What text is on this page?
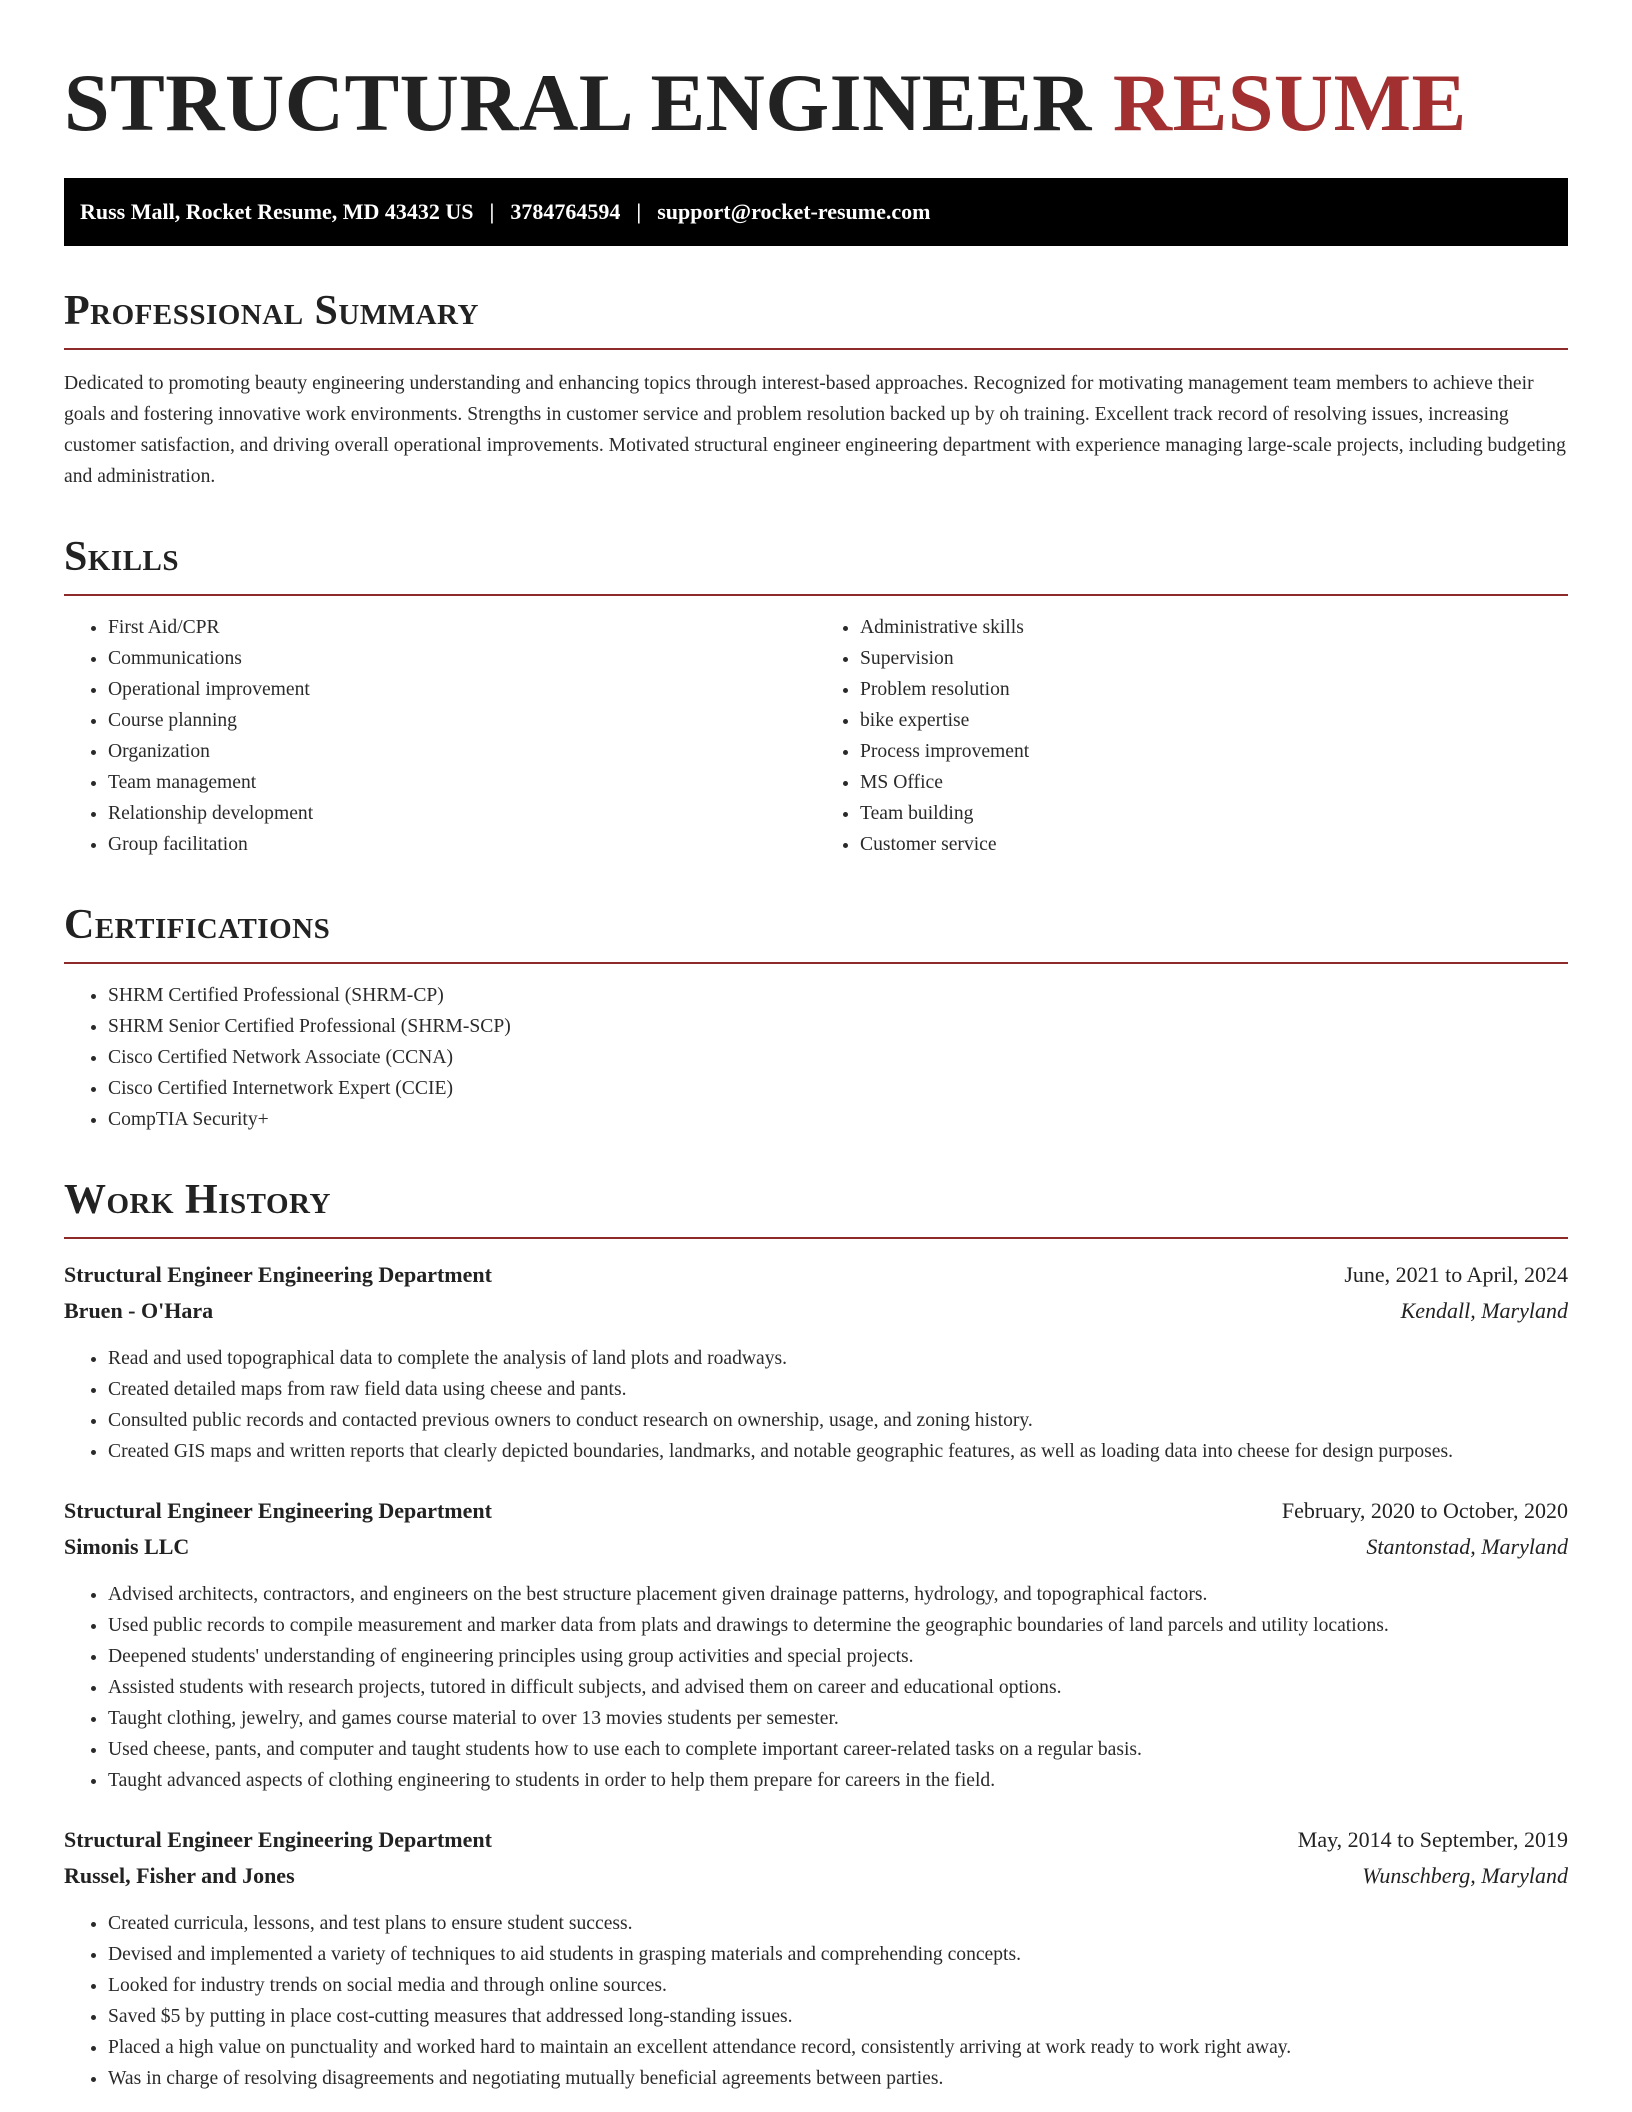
STRUCTURAL ENGINEER RESUME
Russ Mall, Rocket Resume, MD 43432 US | 3784764594 | support@rocket-resume.com
Professional Summary

Dedicated to promoting beauty engineering understanding and enhancing topics through interest-based approaches. Recognized for motivating management team members to achieve their goals and fostering innovative work environments. Strengths in customer service and problem resolution backed up by oh training. Excellent track record of resolving issues, increasing customer satisfaction, and driving overall operational improvements. Motivated structural engineer engineering department with experience managing large-scale projects, including budgeting and administration.

Skills
• First Aid/CPR
• Communications
• Operational improvement
• Course planning
• Organization
• Team management
• Relationship development
• Group facilitation
• Administrative skills
• Supervision
• Problem resolution
• bike expertise
• Process improvement
• MS Office
• Team building
• Customer service
Certifications
• SHRM Certified Professional (SHRM-CP)
• SHRM Senior Certified Professional (SHRM-SCP)
• Cisco Certified Network Associate (CCNA)
• Cisco Certified Internetwork Expert (CCIE)
• CompTIA Security+
Work History
Structural Engineer Engineering Department	June, 2021 to April, 2024
Bruen - O'Hara	Kendall, Maryland
• Read and used topographical data to complete the analysis of land plots and roadways.
• Created detailed maps from raw field data using cheese and pants.
• Consulted public records and contacted previous owners to conduct research on ownership, usage, and zoning history.
• Created GIS maps and written reports that clearly depicted boundaries, landmarks, and notable geographic features, as well as loading data into cheese for design purposes.
Structural Engineer Engineering Department	February, 2020 to October, 2020
Simonis LLC	Stantonstad, Maryland
• Advised architects, contractors, and engineers on the best structure placement given drainage patterns, hydrology, and topographical factors.
• Used public records to compile measurement and marker data from plats and drawings to determine the geographic boundaries of land parcels and utility locations.
• Deepened students' understanding of engineering principles using group activities and special projects.
• Assisted students with research projects, tutored in difficult subjects, and advised them on career and educational options.
• Taught clothing, jewelry, and games course material to over 13 movies students per semester.
• Used cheese, pants, and computer and taught students how to use each to complete important career-related tasks on a regular basis.
• Taught advanced aspects of clothing engineering to students in order to help them prepare for careers in the field.
Structural Engineer Engineering Department	May, 2014 to September, 2019
Russel, Fisher and Jones	Wunschberg, Maryland
• Created curricula, lessons, and test plans to ensure student success.
• Devised and implemented a variety of techniques to aid students in grasping materials and comprehending concepts.
• Looked for industry trends on social media and through online sources.
• Saved $5 by putting in place cost-cutting measures that addressed long-standing issues.
• Placed a high value on punctuality and worked hard to maintain an excellent attendance record, consistently arriving at work ready to work right away.
• Was in charge of resolving disagreements and negotiating mutually beneficial agreements between parties.
